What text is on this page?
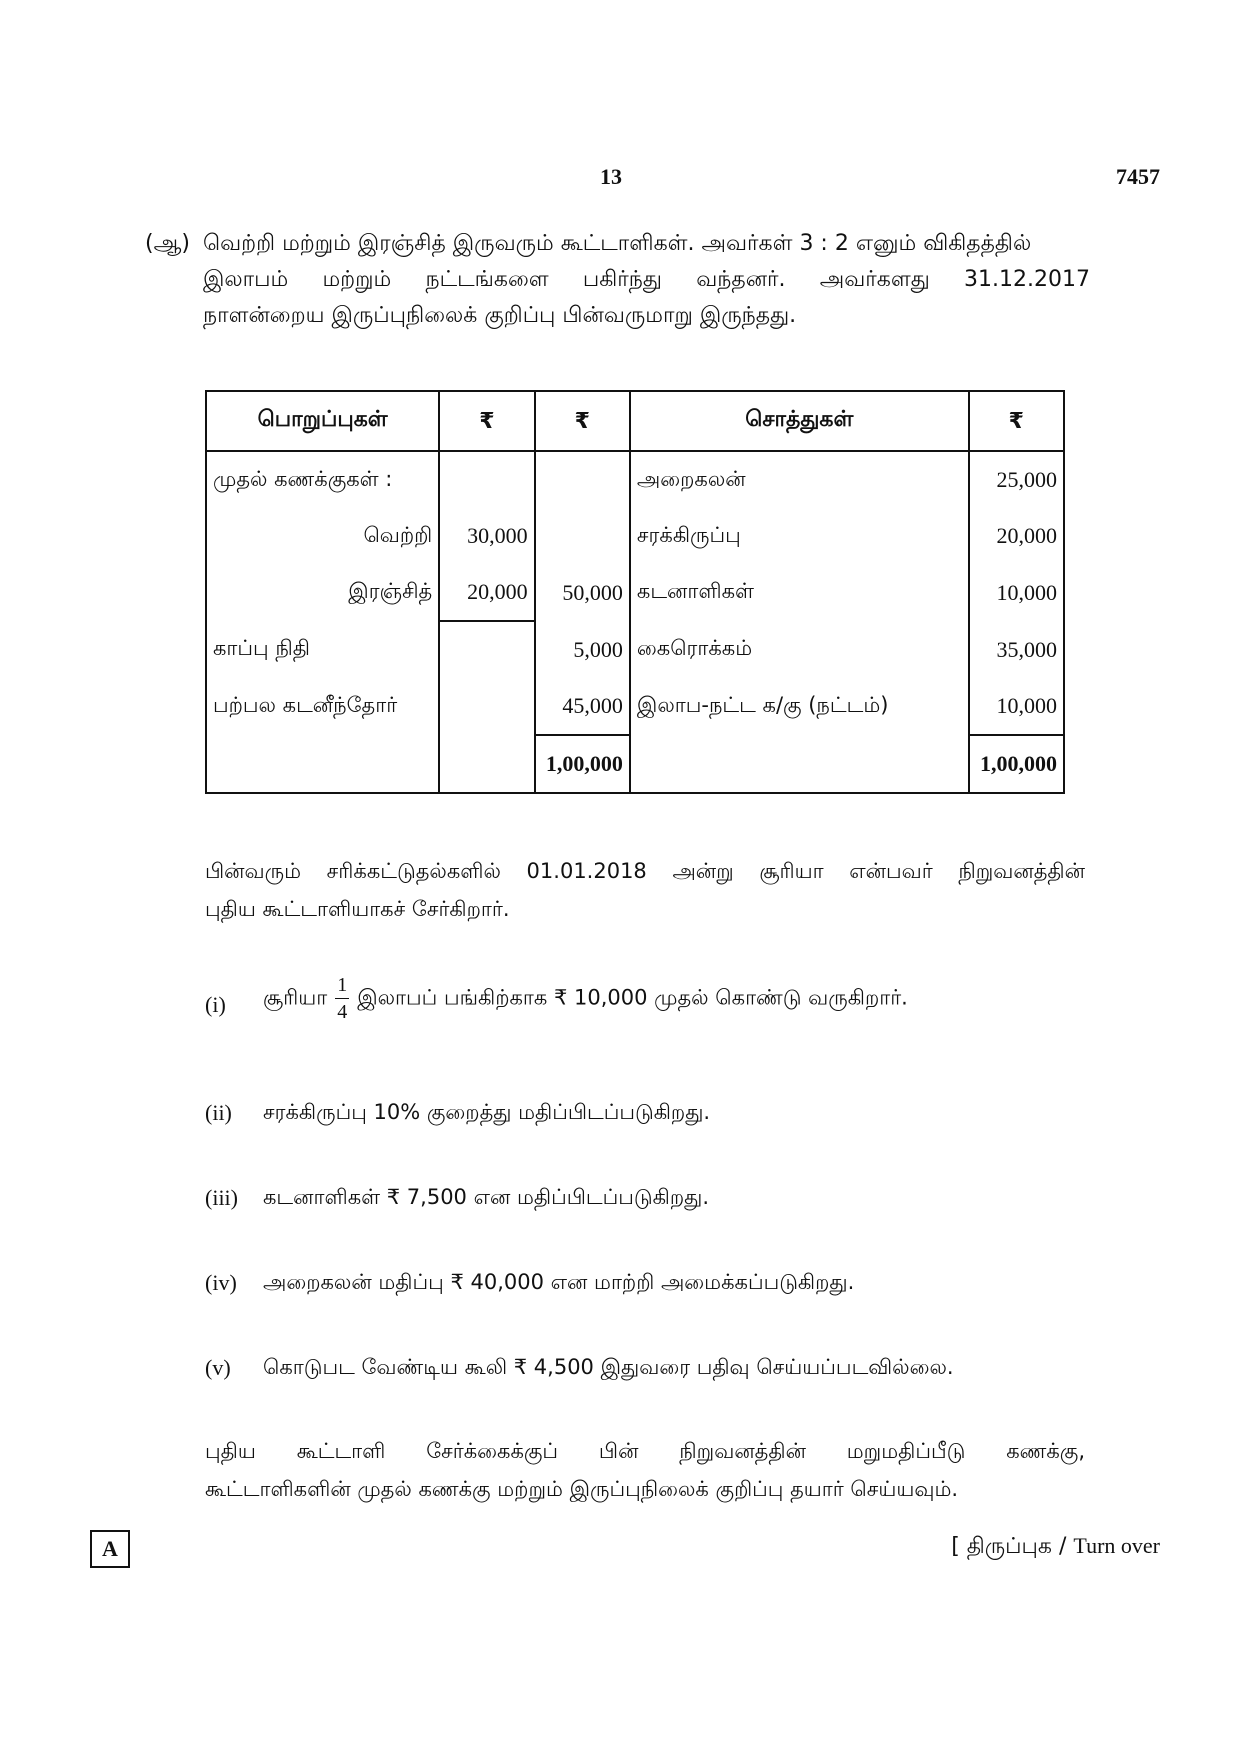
13	7457
(ஆ) வெற்றி மற்றும் இரஞ்சித் இருவரும் கூட்டாளிகள். அவர்கள் 3 : 2 எனும் விகிதத்தில்
இலாபம் மற்றும் நட்டங்களை பகிர்ந்து வந்தனர். அவர்களது 31.12.2017
நாளன்றைய இருப்புநிலைக் குறிப்பு பின்வருமாறு இருந்தது.
பொறுப்புகள்	₹	₹	சொத்துகள்	₹
முதல் கணக்குகள் :			அறைகலன்	25,000
வெற்றி	30,000		சரக்கிருப்பு	20,000
இரஞ்சித்	20,000	50,000	கடனாளிகள்	10,000
காப்பு நிதி		5,000	கைரொக்கம்	35,000
பற்பல கடனீந்தோர்		45,000	இலாப-நட்ட க/கு (நட்டம்)	10,000
		1,00,000		1,00,000
பின்வரும் சரிக்கட்டுதல்களில் 01.01.2018 அன்று சூரியா என்பவர் நிறுவனத்தின்
புதிய கூட்டாளியாகச் சேர்கிறார்.
(i) சூரியா $\frac{1}{4}$ இலாபப் பங்கிற்காக ₹ 10,000 முதல் கொண்டு வருகிறார்.
(ii) சரக்கிருப்பு 10% குறைத்து மதிப்பிடப்படுகிறது.
(iii) கடனாளிகள் ₹ 7,500 என மதிப்பிடப்படுகிறது.
(iv) அறைகலன் மதிப்பு ₹ 40,000 என மாற்றி அமைக்கப்படுகிறது.
(v) கொடுபட வேண்டிய கூலி ₹ 4,500 இதுவரை பதிவு செய்யப்படவில்லை.
புதிய கூட்டாளி சேர்க்கைக்குப் பின் நிறுவனத்தின் மறுமதிப்பீடு கணக்கு,
கூட்டாளிகளின் முதல் கணக்கு மற்றும் இருப்புநிலைக் குறிப்பு தயார் செய்யவும்.
A	[ திருப்புக / Turn over
